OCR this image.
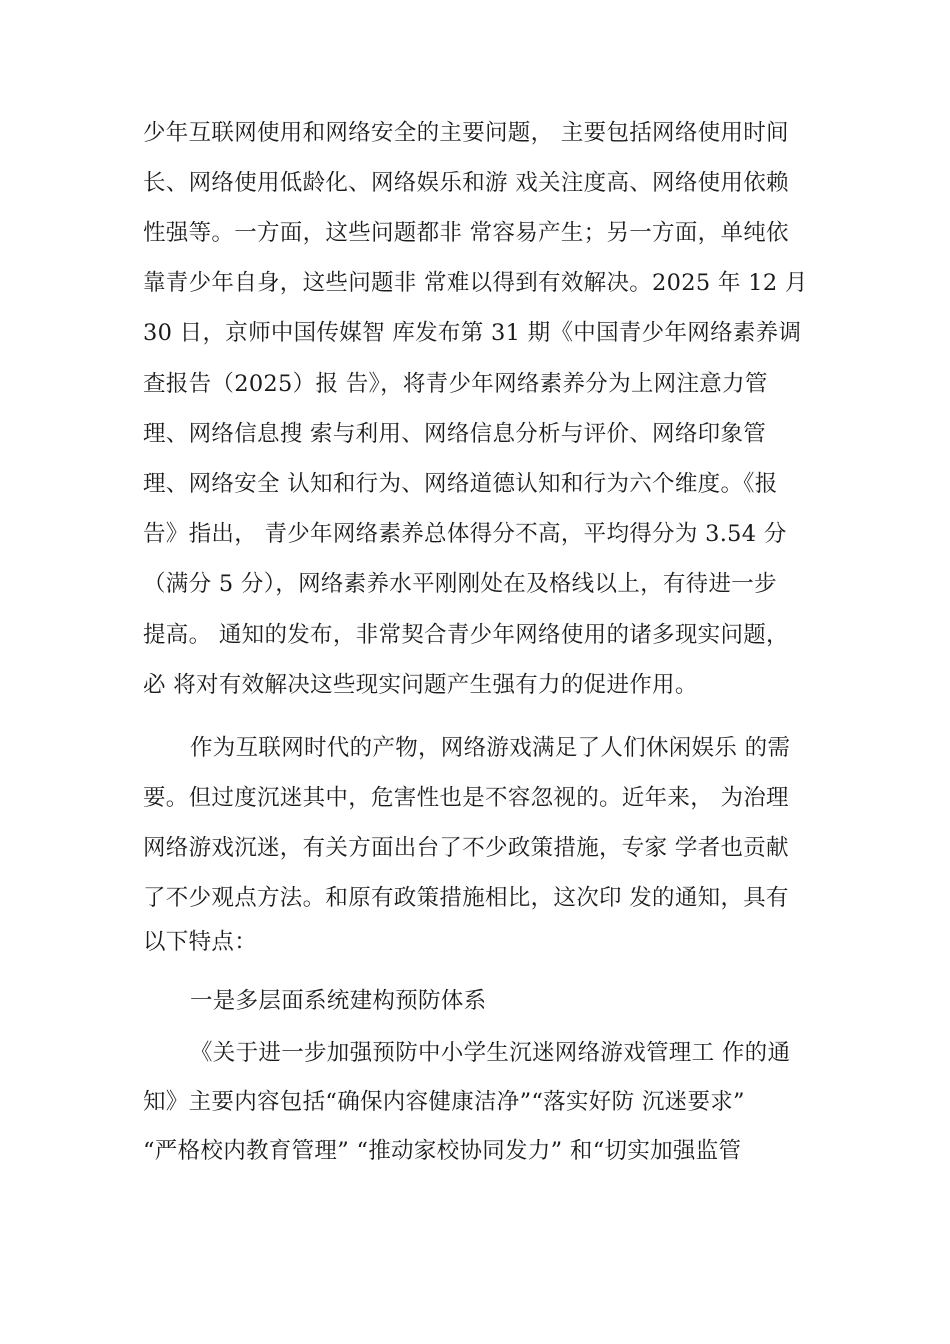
少年互联网使用和网络安全的主要问题， 主要包括网络使用时间
长、网络使用低龄化、网络娱乐和游 戏关注度高、网络使用依赖
性强等。一方面，这些问题都非 常容易产生；另一方面，单纯依
靠青少年自身，这些问题非 常难以得到有效解决。2025 年 12 月
30 日，京师中国传媒智 库发布第 31 期《中国青少年网络素养调
查报告（2025）报 告》，将青少年网络素养分为上网注意力管
理、网络信息搜 索与利用、网络信息分析与评价、网络印象管
理、网络安全 认知和行为、网络道德认知和行为六个维度。《报
告》指出， 青少年网络素养总体得分不高，平均得分为 3.54 分
（满分 5 分），网络素养水平刚刚处在及格线以上，有待进一步
提高。 通知的发布，非常契合青少年网络使用的诸多现实问题，
必 将对有效解决这些现实问题产生强有力的促进作用。
作为互联网时代的产物，网络游戏满足了人们休闲娱乐 的需
要。但过度沉迷其中，危害性也是不容忽视的。近年来， 为治理
网络游戏沉迷，有关方面出台了不少政策措施，专家 学者也贡献
了不少观点方法。和原有政策措施相比，这次印 发的通知，具有
以下特点：
一是多层面系统建构预防体系
《关于进一步加强预防中小学生沉迷网络游戏管理工 作的通
知》主要内容包括“确保内容健康洁净”“落实好防 沉迷要求”
“严格校内教育管理” “推动家校协同发力” 和“切实加强监管
